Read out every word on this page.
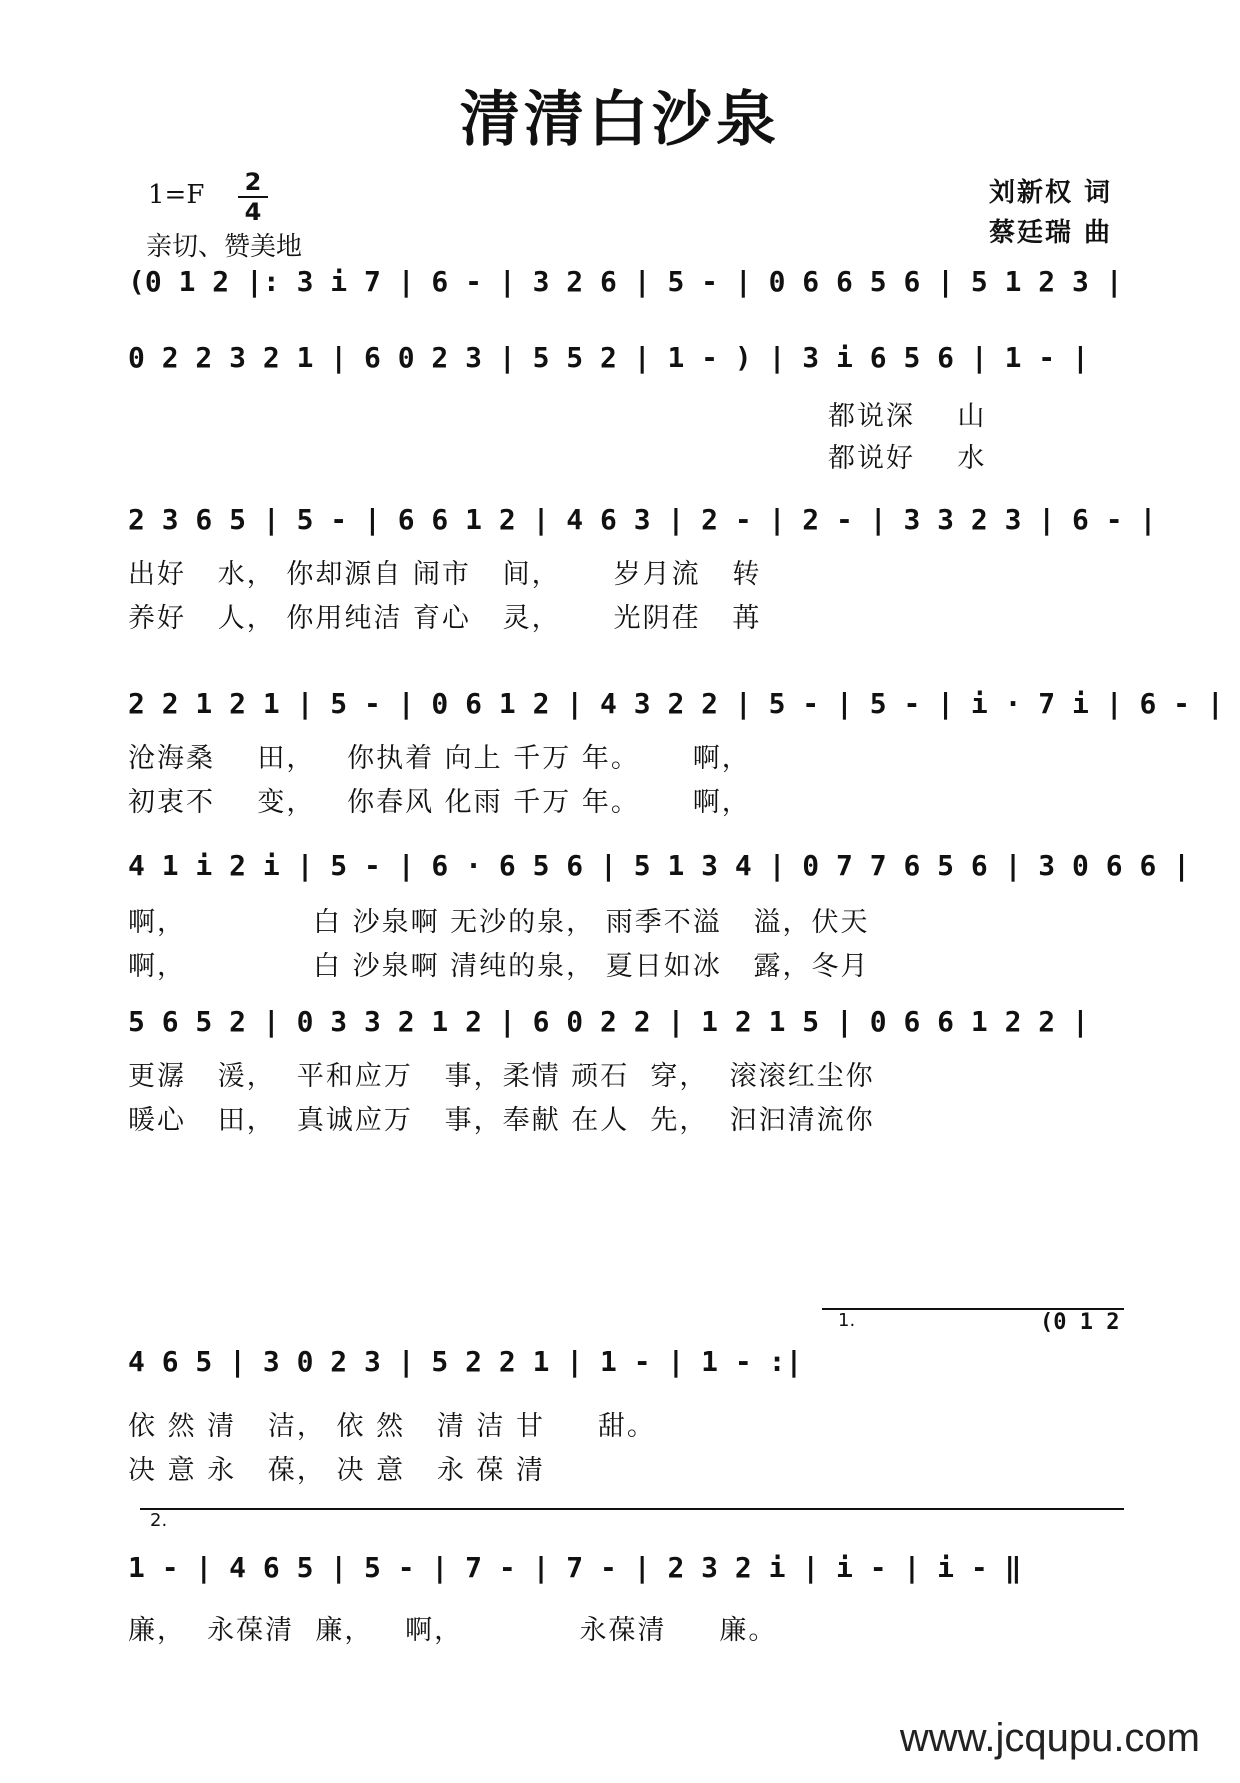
清清白沙泉
1=F 2
4
亲切、赞美地
刘新权 词
蔡廷瑞 曲
(0 1 2 |: 3 i 7 | 6 - | 3 2 6 | 5 - | 0 6 6 5 6 | 5 1 2 3 |
0 2 2 3 2 1 | 6 0 2 3 | 5 5 2 | 1 - ) | 3 i 6 5 6 | 1 - |
都说深    山
都说好    水
2 3 6 5 | 5 - | 6 6 1 2 | 4 6 3 | 2 - | 2 - | 3 3 2 3 | 6 - |
出好   水， 你却源自 闹市   间，     岁月流   转
养好   人， 你用纯洁 育心   灵，     光阴荏   苒
2 2 1 2 1 | 5 - | 0 6 1 2 | 4 3 2 2 | 5 - | 5 - | i · 7 i | 6 - |
沧海桑    田，   你执着 向上 千万 年。     啊，
初衷不    变，   你春风 化雨 千万 年。     啊，
4 1 i 2 i | 5 - | 6 · 6 5 6 | 5 1 3 4 | 0 7 7 6 5 6 | 3 0 6 6 |
啊，            白 沙泉啊 无沙的泉， 雨季不溢   溢，伏天
啊，            白 沙泉啊 清纯的泉， 夏日如冰   露，冬月
5 6 5 2 | 0 3 3 2 1 2 | 6 0 2 2 | 1 2 1 5 | 0 6 6 1 2 2 |
更潺   湲，  平和应万   事，柔情 顽石  穿，  滚滚红尘你
暖心   田，  真诚应万   事，奉献 在人  先，  汩汩清流你
1.	(0 1 2
4 6 5 | 3 0 2 3 | 5 2 2 1 | 1 - | 1 - :|
依 然 清   洁， 依 然   清 洁 甘     甜。
决 意 永   葆， 决 意   永 葆 清
2.
1 - | 4 6 5 | 5 - | 7 - | 7 - | 2 3 2 i | i - | i - ‖
廉，  永葆清  廉，   啊，           永葆清     廉。
www.jcqupu.com
